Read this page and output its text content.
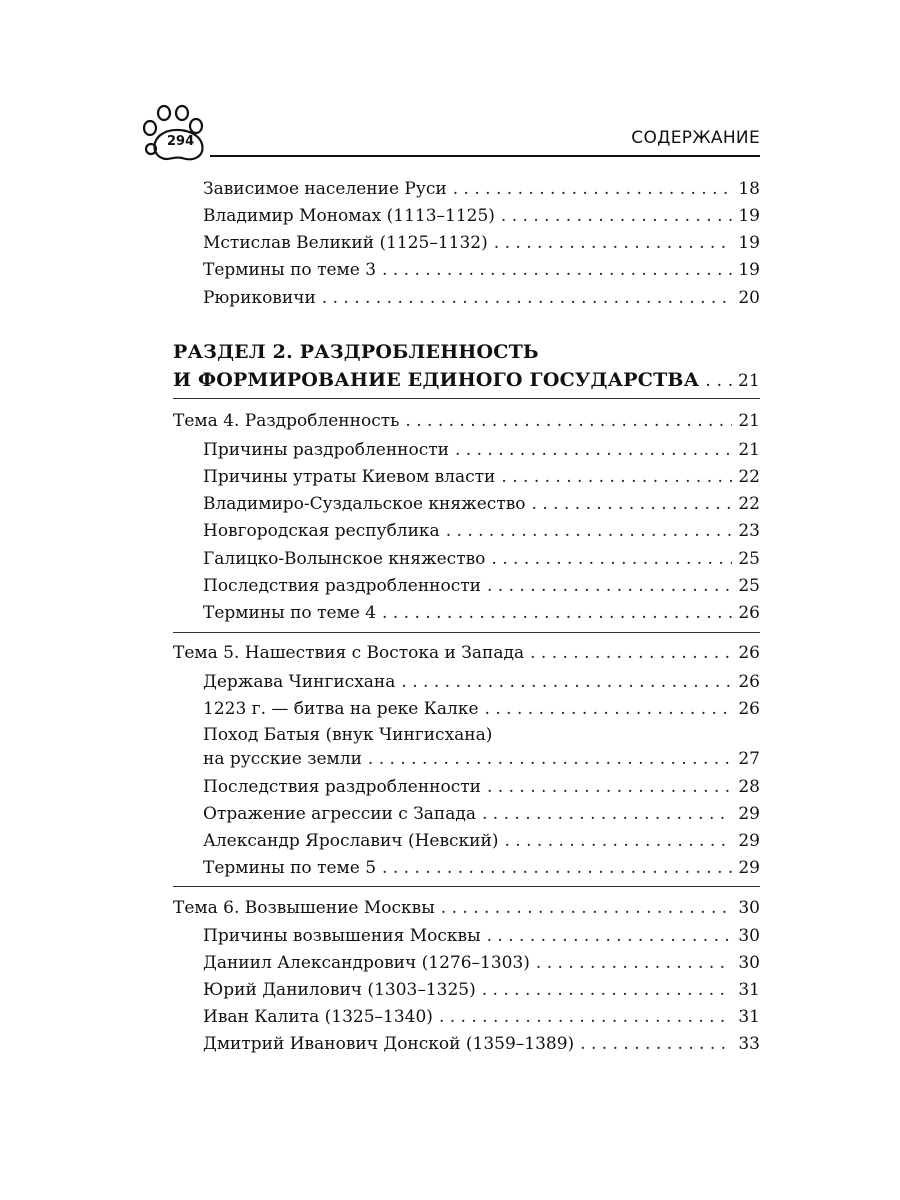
294	СОДЕРЖАНИЕ
Зависимое население Руси . . .	18
Владимир Мономах (1113–1125) . . .	19
Мстислав Великий (1125–1132) . . .	19
Термины по теме 3 . . .	19
Рюриковичи . . .	20
РАЗДЕЛ 2. РАЗДРОБЛЕННОСТЬ
И ФОРМИРОВАНИЕ ЕДИНОГО ГОСУДАРСТВА . . . 21
Тема 4. Раздробленность . . .	21
Причины раздробленности . . .	21
Причины утраты Киевом власти . . .	22
Владимиро-Суздальское княжество . . .	22
Новгородская республика . . .	23
Галицко-Волынское княжество . . .	25
Последствия раздробленности . . .	25
Термины по теме 4 . . .	26
Тема 5. Нашествия с Востока и Запада . . .	26
Держава Чингисхана . . .	26
1223 г. — битва на реке Калке . . .	26
Поход Батыя (внук Чингисхана)
на русские земли . . .	27
Последствия раздробленности . . .	28
Отражение агрессии с Запада . . .	29
Александр Ярославич (Невский) . . .	29
Термины по теме 5 . . .	29
Тема 6. Возвышение Москвы . . .	30
Причины возвышения Москвы . . .	30
Даниил Александрович (1276–1303) . . .	30
Юрий Данилович (1303–1325) . . .	31
Иван Калита (1325–1340) . . .	31
Дмитрий Иванович Донской (1359–1389) . . .	33
